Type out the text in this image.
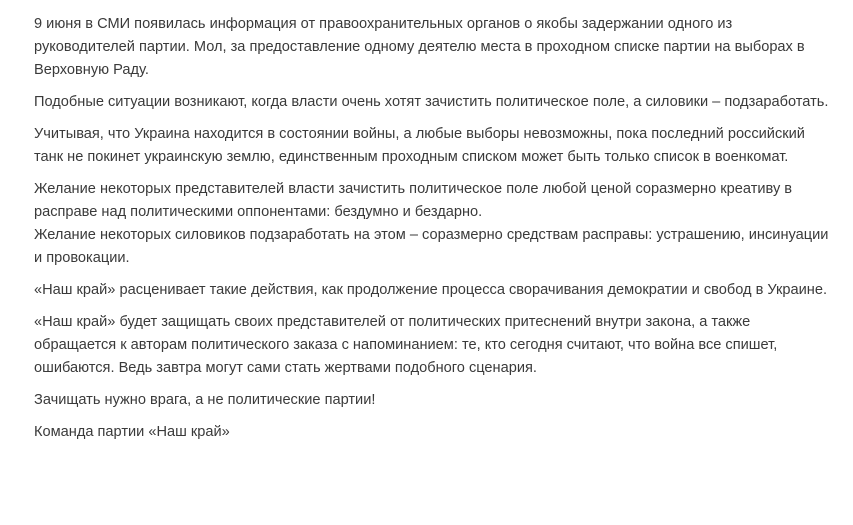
9 июня в СМИ появилась информация от правоохранительных органов о якобы задержании одного из руководителей партии. Мол, за предоставление одному деятелю места в проходном списке партии на выборах в Верховную Раду.

Подобные ситуации возникают, когда власти очень хотят зачистить политическое поле, а силовики – подзаработать.

Учитывая, что Украина находится в состоянии войны, а любые выборы невозможны, пока последний российский танк не покинет украинскую землю, единственным проходным списком может быть только список в военкомат.

Желание некоторых представителей власти зачистить политическое поле любой ценой соразмерно креативу в расправе над политическими оппонентами: бездумно и бездарно.
Желание некоторых силовиков подзаработать на этом – соразмерно средствам расправы: устрашению, инсинуации и провокации.

«Наш край» расценивает такие действия, как продолжение процесса сворачивания демократии и свобод в Украине.

«Наш край» будет защищать своих представителей от политических притеснений внутри закона, а также обращается к авторам политического заказа с напоминанием: те, кто сегодня считают, что война все спишет, ошибаются. Ведь завтра могут сами стать жертвами подобного сценария.

Зачищать нужно врага, а не политические партии!

Команда партии «Наш край»
